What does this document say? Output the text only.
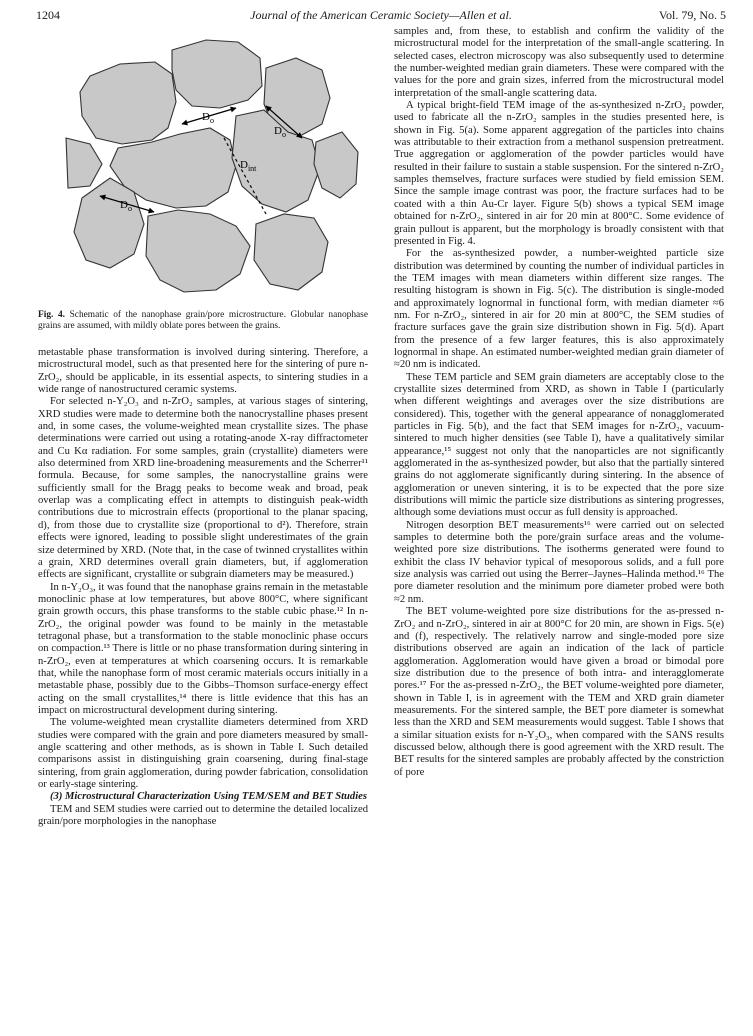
1204	Journal of the American Ceramic Society—Allen et al.	Vol. 79, No. 5
$D_o$
$D_o$
$D_{int}$
$D_o$
Fig. 4. Schematic of the nanophase grain/pore microstructure. Globular nanophase grains are assumed, with mildly oblate pores between the grains.

metastable phase transformation is involved during sintering. Therefore, a microstructural model, such as that presented here for the sintering of pure n-ZrO₂, should be applicable, in its essential aspects, to sintering studies in a wide range of nanostructured ceramic systems.

For selected n-Y₂O₃ and n-ZrO₂ samples, at various stages of sintering, XRD studies were made to determine both the nanocrystalline phases present and, in some cases, the volume-weighted mean crystallite sizes. The phase determinations were carried out using a rotating-anode X-ray diffractometer and Cu Kα radiation. For some samples, grain (crystallite) diameters were also determined from XRD line-broadening measurements and the Scherrer¹¹ formula. Because, for some samples, the nanocrystalline grains were sufficiently small for the Bragg peaks to become weak and broad, peak overlap was a complicating effect in attempts to distinguish peak-width contributions due to microstrain effects (proportional to the planar spacing, d), from those due to crystallite size (proportional to d²). Therefore, strain effects were ignored, leading to possible slight underestimates of the grain size determined by XRD. (Note that, in the case of twinned crystallites within a grain, XRD determines overall grain diameters, but, if agglomeration effects are significant, crystallite or subgrain diameters may be measured.)

In n-Y₂O₃, it was found that the nanophase grains remain in the metastable monoclinic phase at low temperatures, but above 800°C, where significant grain growth occurs, this phase transforms to the stable cubic phase.¹² In n-ZrO₂, the original powder was found to be mainly in the metastable tetragonal phase, but a transformation to the stable monoclinic phase occurs on compaction.¹³ There is little or no phase transformation during sintering in n-ZrO₂, even at temperatures at which coarsening occurs. It is remarkable that, while the nanophase form of most ceramic materials occurs initially in a metastable phase, possibly due to the Gibbs–Thomson surface-energy effect acting on the small crystallites,¹⁴ there is little evidence that this has an impact on microstructural development during sintering.

The volume-weighted mean crystallite diameters determined from XRD studies were compared with the grain and pore diameters measured by small-angle scattering and other methods, as is shown in Table I. Such detailed comparisons assist in distinguishing grain coarsening, during final-stage sintering, from grain agglomeration, during powder fabrication, consolidation or early-stage sintering.

(3) Microstructural Characterization Using TEM/SEM and BET Studies

TEM and SEM studies were carried out to determine the detailed localized grain/pore morphologies in the nanophase

samples and, from these, to establish and confirm the validity of the microstructural model for the interpretation of the small-angle scattering. In selected cases, electron microscopy was also subsequently used to determine the number-weighted median grain diameters. These were compared with the values for the pore and grain sizes, inferred from the microstructural model interpretation of the small-angle scattering data.

A typical bright-field TEM image of the as-synthesized n-ZrO₂ powder, used to fabricate all the n-ZrO₂ samples in the studies presented here, is shown in Fig. 5(a). Some apparent aggregation of the particles into chains was attributable to their extraction from a methanol suspension pretreatment. True aggregation or agglomeration of the powder particles would have resulted in their failure to sustain a stable suspension. For the sintered n-ZrO₂ samples themselves, fracture surfaces were studied by field emission SEM. Since the sample image contrast was poor, the fracture surfaces had to be coated with a thin Au-Cr layer. Figure 5(b) shows a typical SEM image obtained for n-ZrO₂, sintered in air for 20 min at 800°C. Some evidence of grain pullout is apparent, but the morphology is broadly consistent with that presented in Fig. 4.

For the as-synthesized powder, a number-weighted particle size distribution was determined by counting the number of individual particles in the TEM images with mean diameters within different size ranges. The resulting histogram is shown in Fig. 5(c). The distribution is single-moded and approximately lognormal in functional form, with median diameter ≈6 nm. For n-ZrO₂, sintered in air for 20 min at 800°C, the SEM studies of fracture surfaces gave the grain size distribution shown in Fig. 5(d). Apart from the presence of a few larger features, this is also approximately lognormal in shape. An estimated number-weighted median grain diameter of ≈20 nm is indicated.

These TEM particle and SEM grain diameters are acceptably close to the crystallite sizes determined from XRD, as shown in Table I (particularly when different weightings and averages over the size distributions are considered). This, together with the general appearance of nonagglomerated particles in Fig. 5(b), and the fact that SEM images for n-ZrO₂, vacuum-sintered to much higher densities (see Table I), have a qualitatively similar appearance,¹⁵ suggest not only that the nanoparticles are not significantly agglomerated in the as-synthesized powder, but also that the partially sintered grains do not agglomerate significantly during sintering. In the absence of agglomeration or uneven sintering, it is to be expected that the pore size distributions will mimic the particle size distributions as sintering progresses, although some deviations must occur as full density is approached.

Nitrogen desorption BET measurements¹⁶ were carried out on selected samples to determine both the pore/grain surface areas and the volume-weighted pore size distributions. The isotherms generated were found to exhibit the class IV behavior typical of mesoporous solids, and a full pore size analysis was carried out using the Berrer–Jaynes–Halinda method.¹⁶ The pore diameter resolution and the minimum pore diameter probed were both ≈2 nm.

The BET volume-weighted pore size distributions for the as-pressed n-ZrO₂ and n-ZrO₂, sintered in air at 800°C for 20 min, are shown in Figs. 5(e) and (f), respectively. The relatively narrow and single-moded pore size distributions observed are again an indication of the lack of particle agglomeration. Agglomeration would have given a broad or bimodal pore size distribution due to the presence of both intra- and interagglomerate pores.¹⁷ For the as-pressed n-ZrO₂, the BET volume-weighted pore diameter, shown in Table I, is in agreement with the TEM and XRD grain diameter measurements. For the sintered sample, the BET pore diameter is somewhat less than the XRD and SEM measurements would suggest. Table I shows that a similar situation exists for n-Y₂O₃, when compared with the SANS results discussed below, although there is good agreement with the XRD result. The BET results for the sintered samples are probably affected by the constriction of pore
